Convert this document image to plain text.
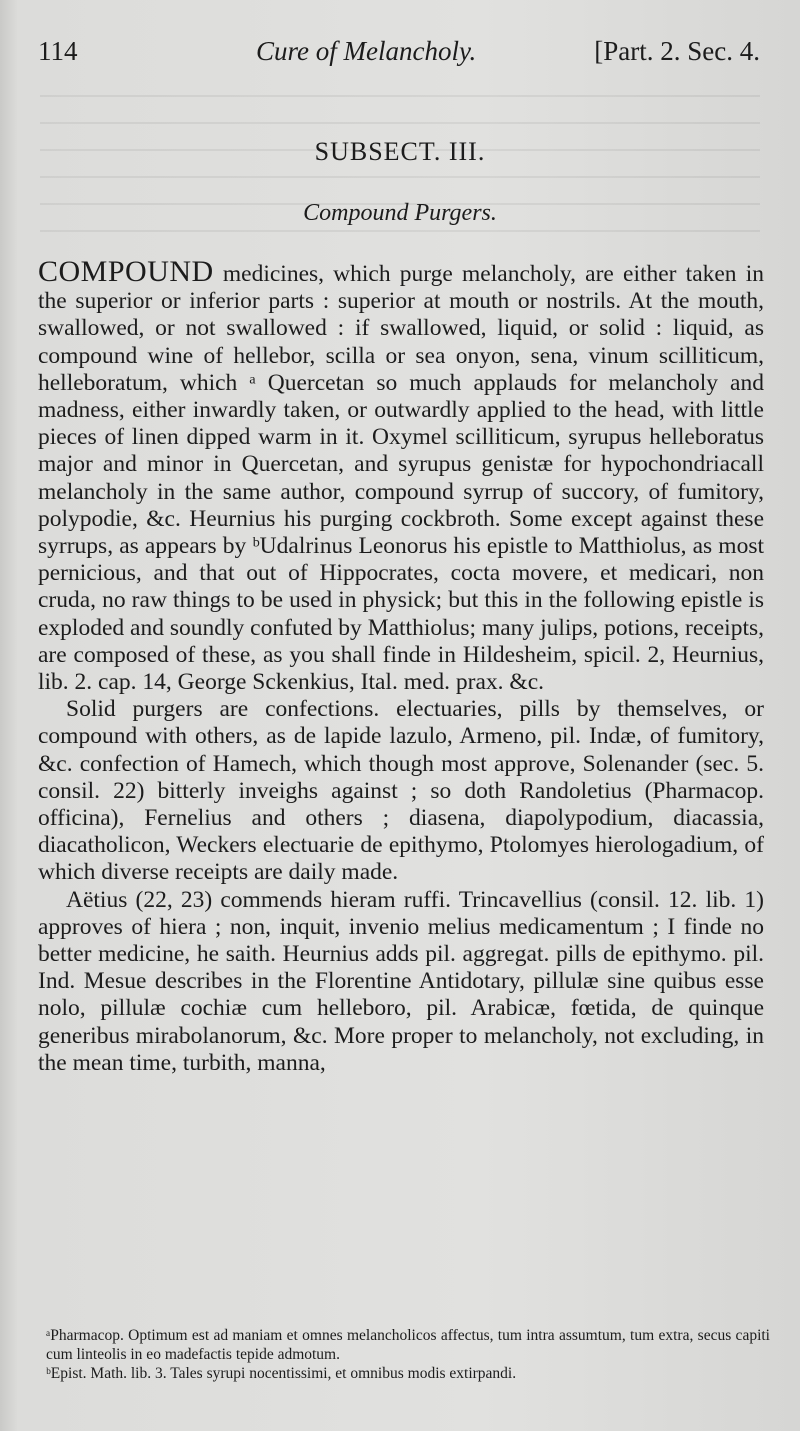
114	Cure of Melancholy.	[Part. 2. Sec. 4.
SUBSECT. III.
Compound Purgers.

COMPOUND medicines, which purge melancholy, are either taken in the superior or inferior parts : superior at mouth or nostrils. At the mouth, swallowed, or not swallowed : if swallowed, liquid, or solid : liquid, as compound wine of hellebor, scilla or sea onyon, sena, vinum scilliticum, helleboratum, which ᵃ Quercetan so much applauds for melancholy and madness, either inwardly taken, or outwardly applied to the head, with little pieces of linen dipped warm in it. Oxymel scilliticum, syrupus helleboratus major and minor in Quercetan, and syrupus genistæ for hypochondriacall melancholy in the same author, compound syrrup of succory, of fumitory, polypodie, &c. Heurnius his purging cockbroth. Some except against these syrrups, as appears by ᵇUdalrinus Leonorus his epistle to Matthiolus, as most pernicious, and that out of Hippocrates, cocta movere, et medicari, non cruda, no raw things to be used in physick; but this in the following epistle is exploded and soundly confuted by Matthiolus; many julips, potions, receipts, are composed of these, as you shall finde in Hildesheim, spicil. 2, Heurnius, lib. 2. cap. 14, George Sckenkius, Ital. med. prax. &c.

Solid purgers are confections. electuaries, pills by themselves, or compound with others, as de lapide lazulo, Armeno, pil. Indæ, of fumitory, &c. confection of Hamech, which though most approve, Solenander (sec. 5. consil. 22) bitterly inveighs against ; so doth Randoletius (Pharmacop. officina), Fernelius and others ; diasena, diapolypodium, diacassia, diacatholicon, Weckers electuarie de epithymo, Ptolomyes hierologadium, of which diverse receipts are daily made.

Aëtius (22, 23) commends hieram ruffi. Trincavellius (consil. 12. lib. 1) approves of hiera ; non, inquit, invenio melius medicamentum ; I finde no better medicine, he saith. Heurnius adds pil. aggregat. pills de epithymo. pil. Ind. Mesue describes in the Florentine Antidotary, pillulæ sine quibus esse nolo, pillulæ cochiæ cum helleboro, pil. Arabicæ, fœtida, de quinque generibus mirabolanorum, &c. More proper to melancholy, not excluding, in the mean time, turbith, manna,

ᵃPharmacop. Optimum est ad maniam et omnes melancholicos affectus, tum intra assumtum, tum extra, secus capiti cum linteolis in eo madefactis tepide admotum.

ᵇEpist. Math. lib. 3. Tales syrupi nocentissimi, et omnibus modis extirpandi.
